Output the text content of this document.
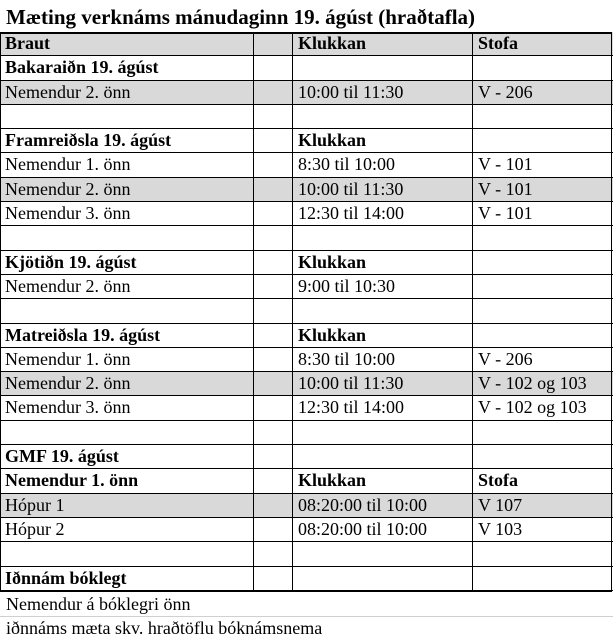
Mæting verknáms mánudaginn 19. ágúst (hraðtafla)
Braut	Klukkan	Stofa
Bakaraiðn 19. ágúst
Nemendur 2. önn	10:00 til 11:30	V - 206
Framreiðsla 19. ágúst	Klukkan
Nemendur 1. önn	8:30 til 10:00	V - 101
Nemendur 2. önn	10:00 til 11:30	V - 101
Nemendur 3. önn	12:30 til 14:00	V - 101
Kjötiðn 19. ágúst	Klukkan
Nemendur 2. önn	9:00 til 10:30
Matreiðsla 19. ágúst	Klukkan
Nemendur 1. önn	8:30 til 10:00	V - 206
Nemendur 2. önn	10:00 til 11:30	V - 102 og 103
Nemendur 3. önn	12:30 til 14:00	V - 102 og 103
GMF 19. ágúst
Nemendur 1. önn	Klukkan	Stofa
Hópur 1	08:20:00 til 10:00	V 107
Hópur 2	08:20:00 til 10:00	V 103
Iðnnám bóklegt
Nemendur á bóklegri önn
iðnnáms mæta skv. hraðtöflu bóknámsnema
